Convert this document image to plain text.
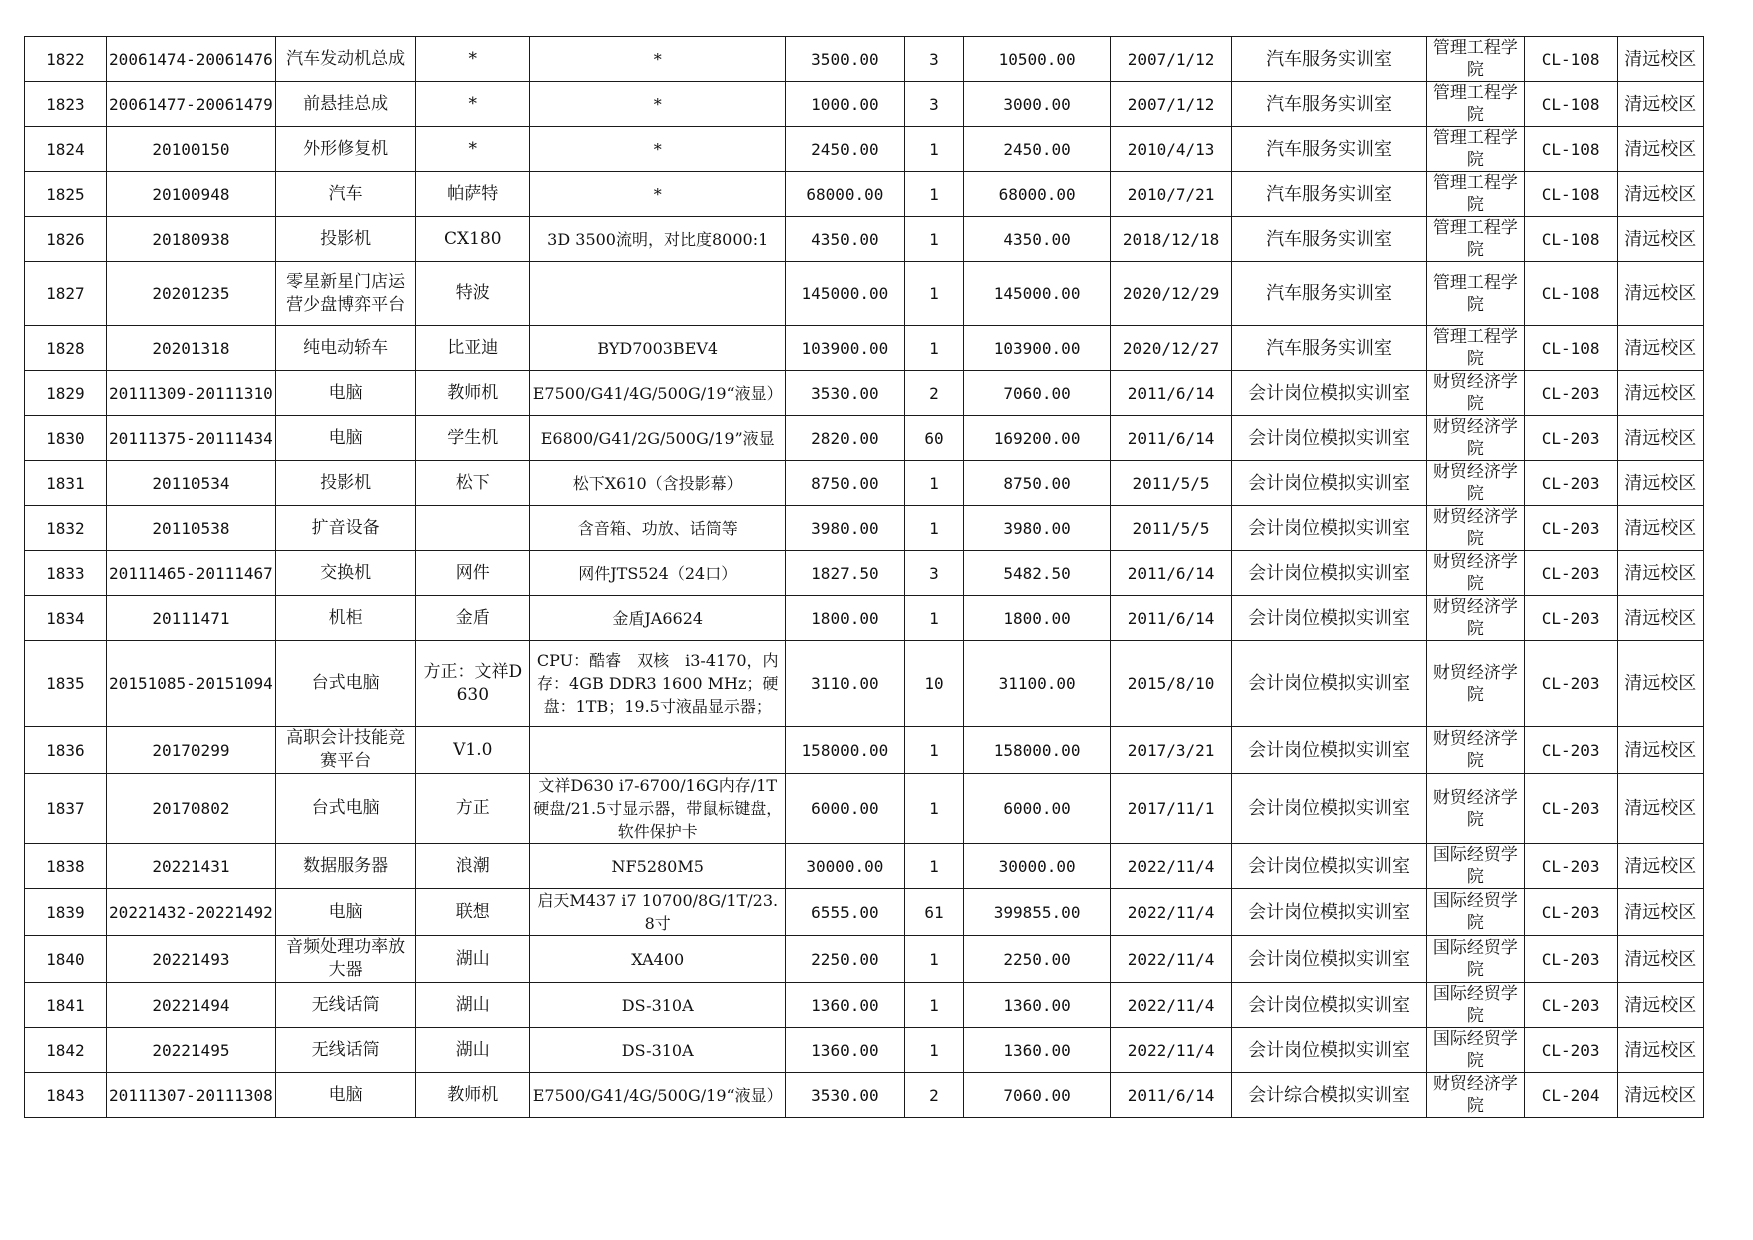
1822	20061474-20061476	汽车发动机总成	*	*	3500.00	3	10500.00	2007/1/12	汽车服务实训室	管理工程学院	CL-108	清远校区
1823	20061477-20061479	前悬挂总成	*	*	1000.00	3	3000.00	2007/1/12	汽车服务实训室	管理工程学院	CL-108	清远校区
1824	20100150	外形修复机	*	*	2450.00	1	2450.00	2010/4/13	汽车服务实训室	管理工程学院	CL-108	清远校区
1825	20100948	汽车	帕萨特	*	68000.00	1	68000.00	2010/7/21	汽车服务实训室	管理工程学院	CL-108	清远校区
1826	20180938	投影机	CX180	3D 3500流明，对比度8000:1	4350.00	1	4350.00	2018/12/18	汽车服务实训室	管理工程学院	CL-108	清远校区
1827	20201235	零星新星门店运营少盘博弈平台	特波		145000.00	1	145000.00	2020/12/29	汽车服务实训室	管理工程学院	CL-108	清远校区
1828	20201318	纯电动轿车	比亚迪	BYD7003BEV4	103900.00	1	103900.00	2020/12/27	汽车服务实训室	管理工程学院	CL-108	清远校区
1829	20111309-20111310	电脑	教师机	E7500/G41/4G/500G/19“液显）	3530.00	2	7060.00	2011/6/14	会计岗位模拟实训室	财贸经济学院	CL-203	清远校区
1830	20111375-20111434	电脑	学生机	E6800/G41/2G/500G/19”液显	2820.00	60	169200.00	2011/6/14	会计岗位模拟实训室	财贸经济学院	CL-203	清远校区
1831	20110534	投影机	松下	松下X610（含投影幕）	8750.00	1	8750.00	2011/5/5	会计岗位模拟实训室	财贸经济学院	CL-203	清远校区
1832	20110538	扩音设备		含音箱、功放、话筒等	3980.00	1	3980.00	2011/5/5	会计岗位模拟实训室	财贸经济学院	CL-203	清远校区
1833	20111465-20111467	交换机	网件	网件JTS524（24口）	1827.50	3	5482.50	2011/6/14	会计岗位模拟实训室	财贸经济学院	CL-203	清远校区
1834	20111471	机柜	金盾	金盾JA6624	1800.00	1	1800.00	2011/6/14	会计岗位模拟实训室	财贸经济学院	CL-203	清远校区
1835	20151085-20151094	台式电脑	方正：文祥D630	CPU：酷睿　双核　i3-4170，内存：4GB DDR3 1600 MHz；硬盘：1TB；19.5寸液晶显示器；	3110.00	10	31100.00	2015/8/10	会计岗位模拟实训室	财贸经济学院	CL-203	清远校区
1836	20170299	高职会计技能竞赛平台	V1.0		158000.00	1	158000.00	2017/3/21	会计岗位模拟实训室	财贸经济学院	CL-203	清远校区
1837	20170802	台式电脑	方正	文祥D630 i7-6700/16G内存/1T硬盘/21.5寸显示器，带鼠标键盘，软件保护卡	6000.00	1	6000.00	2017/11/1	会计岗位模拟实训室	财贸经济学院	CL-203	清远校区
1838	20221431	数据服务器	浪潮	NF5280M5	30000.00	1	30000.00	2022/11/4	会计岗位模拟实训室	国际经贸学院	CL-203	清远校区
1839	20221432-20221492	电脑	联想	启天M437 i7 10700/8G/1T/23.8寸	6555.00	61	399855.00	2022/11/4	会计岗位模拟实训室	国际经贸学院	CL-203	清远校区
1840	20221493	音频处理功率放大器	湖山	XA400	2250.00	1	2250.00	2022/11/4	会计岗位模拟实训室	国际经贸学院	CL-203	清远校区
1841	20221494	无线话筒	湖山	DS-310A	1360.00	1	1360.00	2022/11/4	会计岗位模拟实训室	国际经贸学院	CL-203	清远校区
1842	20221495	无线话筒	湖山	DS-310A	1360.00	1	1360.00	2022/11/4	会计岗位模拟实训室	国际经贸学院	CL-203	清远校区
1843	20111307-20111308	电脑	教师机	E7500/G41/4G/500G/19“液显）	3530.00	2	7060.00	2011/6/14	会计综合模拟实训室	财贸经济学院	CL-204	清远校区
